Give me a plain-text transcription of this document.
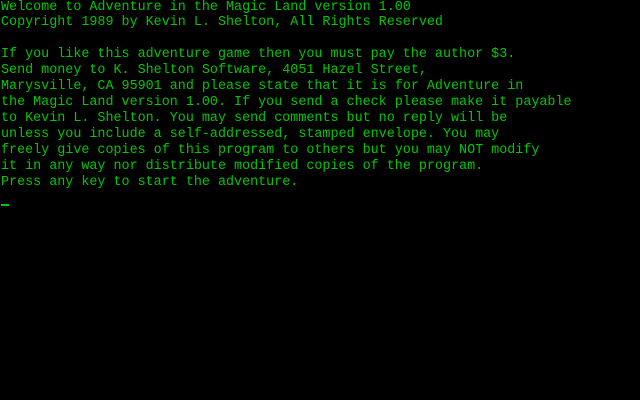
Welcome to Adventure in the Magic Land version 1.00
Copyright 1989 by Kevin L. Shelton, All Rights Reserved
If you like this adventure game then you must pay the author $3.
Send money to K. Shelton Software, 4051 Hazel Street,
Marysville, CA 95901 and please state that it is for Adventure in
the Magic Land version 1.00. If you send a check please make it payable
to Kevin L. Shelton. You may send comments but no reply will be
unless you include a self-addressed, stamped envelope. You may
freely give copies of this program to others but you may NOT modify
it in any way nor distribute modified copies of the program.
Press any key to start the adventure.
